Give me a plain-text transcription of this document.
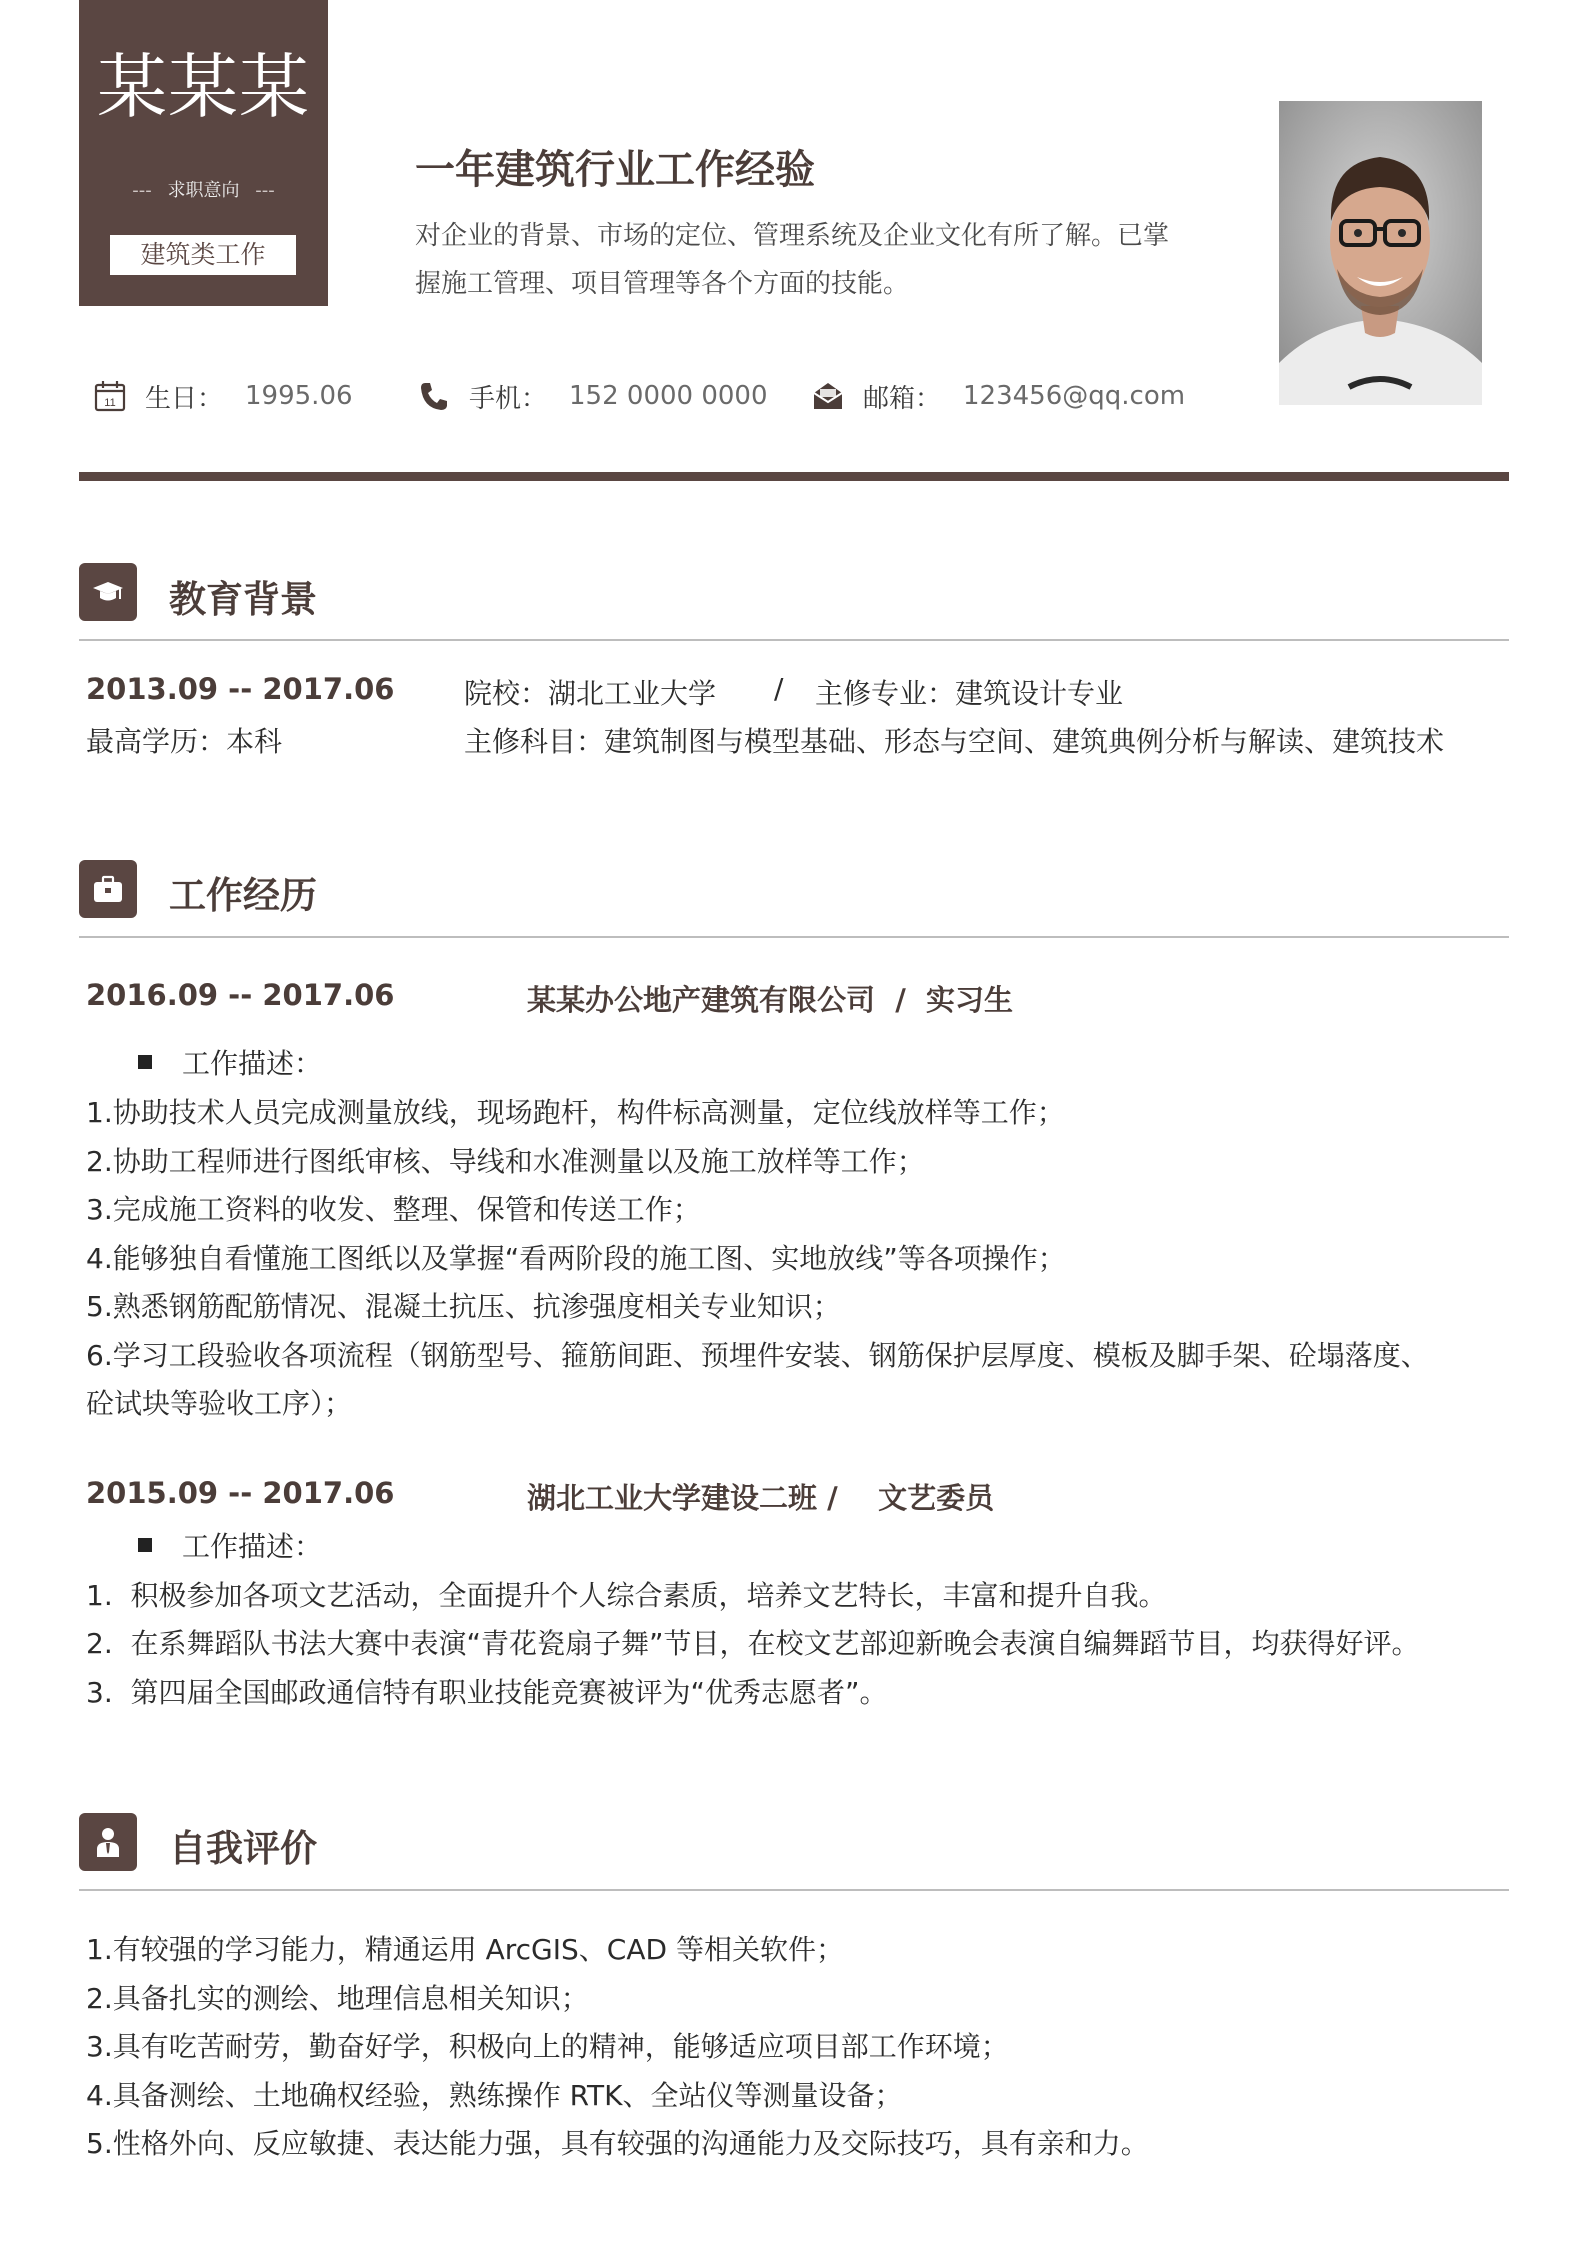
某某某
--- 求职意向 ---
建筑类工作
一年建筑行业工作经验
对企业的背景、市场的定位、管理系统及企业文化有所了解。已掌握施工管理、项目管理等各个方面的技能。
11 生日： 1995.06	手机： 152 0000 0000	邮箱： 123456@qq.com
教育背景
2013.09 -- 2017.06 院校：湖北工业大学 / 主修专业：建筑设计专业
最高学历：本科	主修科目：建筑制图与模型基础、形态与空间、建筑典例分析与解读、建筑技术
工作经历
2016.09 -- 2017.06	某某办公地产建筑有限公司  /  实习生
工作描述：
1.协助技术人员完成测量放线，现场跑杆，构件标高测量，定位线放样等工作；
2.协助工程师进行图纸审核、导线和水准测量以及施工放样等工作；
3.完成施工资料的收发、整理、保管和传送工作；
4.能够独自看懂施工图纸以及掌握“看两阶段的施工图、实地放线”等各项操作；
5.熟悉钢筋配筋情况、混凝土抗压、抗渗强度相关专业知识；
6.学习工段验收各项流程（钢筋型号、箍筋间距、预埋件安装、钢筋保护层厚度、模板及脚手架、砼塌落度、
砼试块等验收工序）；
2015.09 -- 2017.06	湖北工业大学建设二班 /    文艺委员
工作描述：
1.  积极参加各项文艺活动，全面提升个人综合素质，培养文艺特长，丰富和提升自我。
2.  在系舞蹈队书法大赛中表演“青花瓷扇子舞”节目，在校文艺部迎新晚会表演自编舞蹈节目，均获得好评。
3.  第四届全国邮政通信特有职业技能竞赛被评为“优秀志愿者”。
自我评价
1.有较强的学习能力，精通运用 ArcGIS、CAD 等相关软件；
2.具备扎实的测绘、地理信息相关知识；
3.具有吃苦耐劳，勤奋好学，积极向上的精神，能够适应项目部工作环境；
4.具备测绘、土地确权经验，熟练操作 RTK、全站仪等测量设备；
5.性格外向、反应敏捷、表达能力强，具有较强的沟通能力及交际技巧，具有亲和力。
